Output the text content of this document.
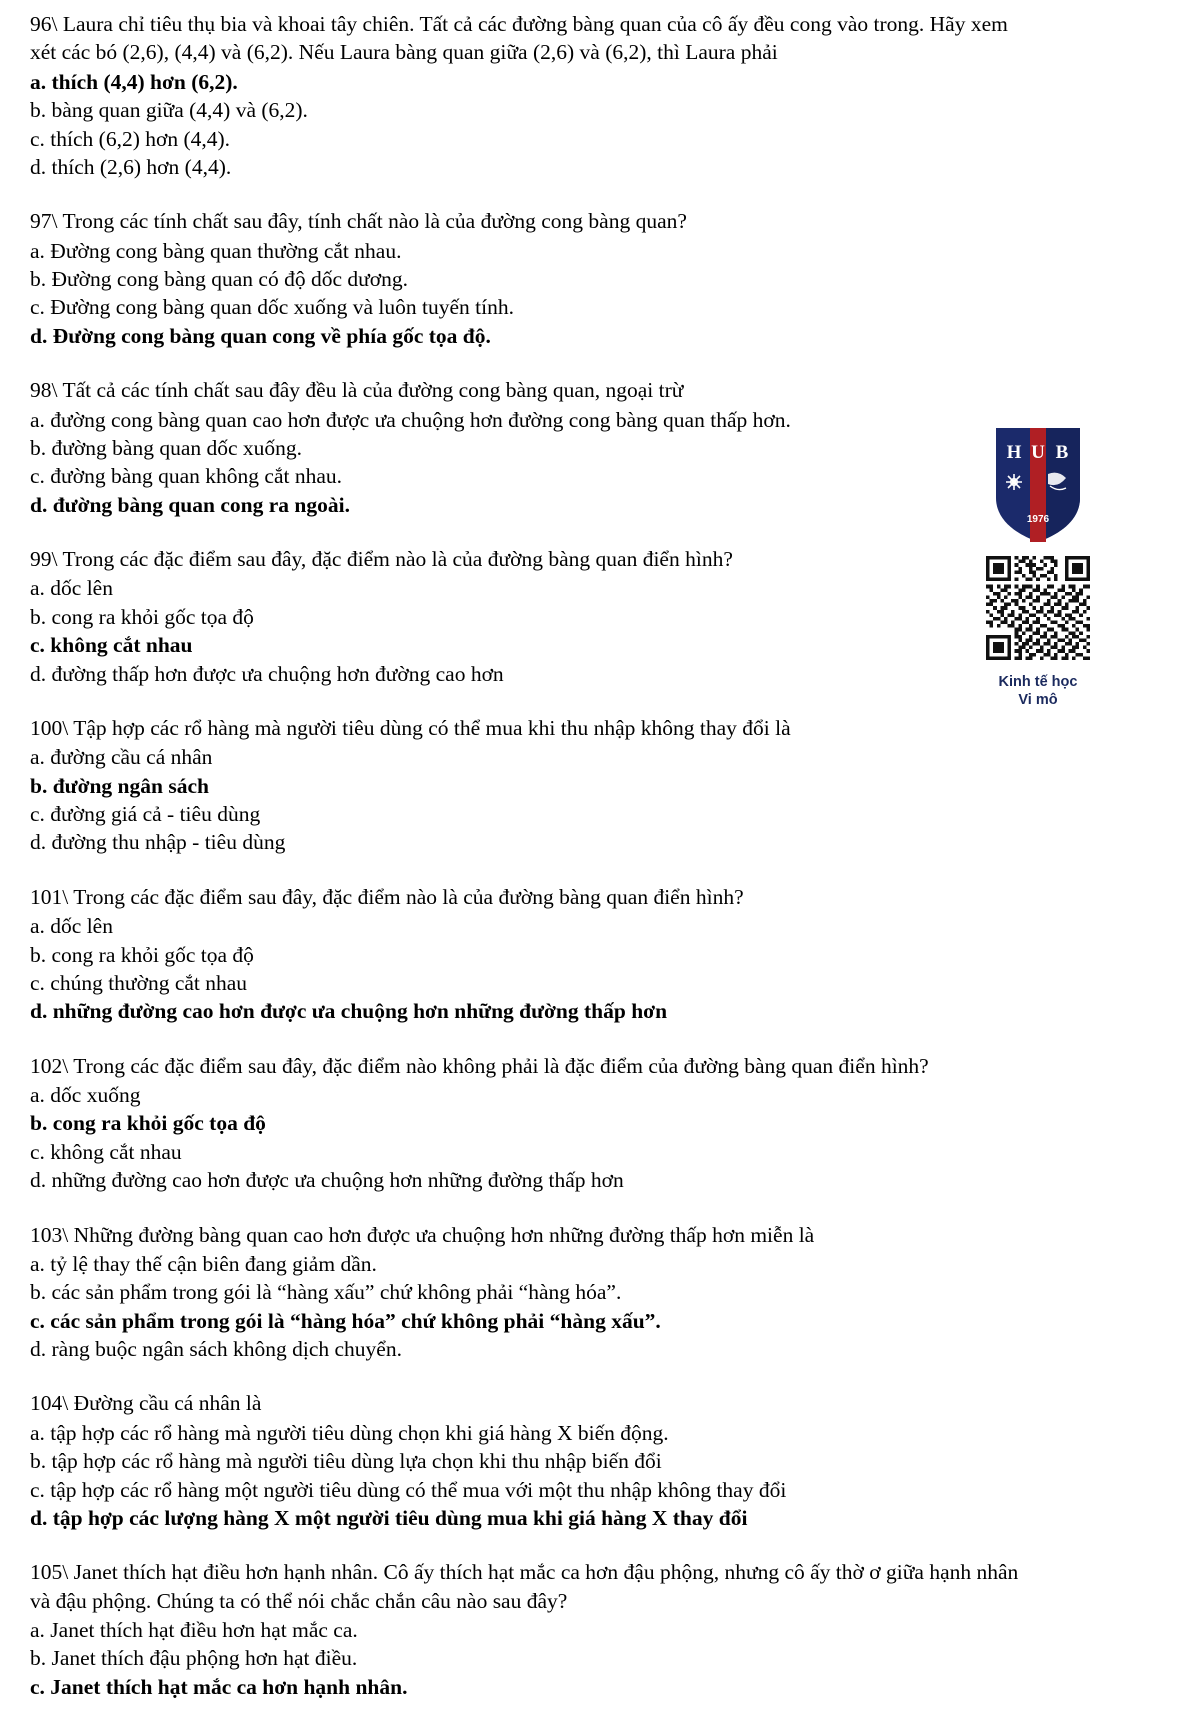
H B
U
1976
Kinh tế học
Vi mô

96\ Laura chỉ tiêu thụ bia và khoai tây chiên. Tất cả các đường bàng quan của cô ấy đều cong vào trong. Hãy xem xét các bó (2,6), (4,4) và (6,2). Nếu Laura bàng quan giữa (2,6) và (6,2), thì Laura phải

a. thích (4,4) hơn (6,2).

b. bàng quan giữa (4,4) và (6,2).

c. thích (6,2) hơn (4,4).

d. thích (2,6) hơn (4,4).

97\ Trong các tính chất sau đây, tính chất nào là của đường cong bàng quan?

a. Đường cong bàng quan thường cắt nhau.

b. Đường cong bàng quan có độ dốc dương.

c. Đường cong bàng quan dốc xuống và luôn tuyến tính.

d. Đường cong bàng quan cong về phía gốc tọa độ.

98\ Tất cả các tính chất sau đây đều là của đường cong bàng quan, ngoại trừ

a. đường cong bàng quan cao hơn được ưa chuộng hơn đường cong bàng quan thấp hơn.

b. đường bàng quan dốc xuống.

c. đường bàng quan không cắt nhau.

d. đường bàng quan cong ra ngoài.

99\ Trong các đặc điểm sau đây, đặc điểm nào là của đường bàng quan điển hình?

a. dốc lên

b. cong ra khỏi gốc tọa độ

c. không cắt nhau

d. đường thấp hơn được ưa chuộng hơn đường cao hơn

100\ Tập hợp các rổ hàng mà người tiêu dùng có thể mua khi thu nhập không thay đổi là

a. đường cầu cá nhân

b. đường ngân sách

c. đường giá cả - tiêu dùng

d. đường thu nhập - tiêu dùng

101\ Trong các đặc điểm sau đây, đặc điểm nào là của đường bàng quan điển hình?

a. dốc lên

b. cong ra khỏi gốc tọa độ

c. chúng thường cắt nhau

d. những đường cao hơn được ưa chuộng hơn những đường thấp hơn

102\ Trong các đặc điểm sau đây, đặc điểm nào không phải là đặc điểm của đường bàng quan điển hình?

a. dốc xuống

b. cong ra khỏi gốc tọa độ

c. không cắt nhau

d. những đường cao hơn được ưa chuộng hơn những đường thấp hơn

103\ Những đường bàng quan cao hơn được ưa chuộng hơn những đường thấp hơn miễn là

a. tỷ lệ thay thế cận biên đang giảm dần.

b. các sản phẩm trong gói là “hàng xấu” chứ không phải “hàng hóa”.

c. các sản phẩm trong gói là “hàng hóa” chứ không phải “hàng xấu”.

d. ràng buộc ngân sách không dịch chuyển.

104\ Đường cầu cá nhân là

a. tập hợp các rổ hàng mà người tiêu dùng chọn khi giá hàng X biến động.

b. tập hợp các rổ hàng mà người tiêu dùng lựa chọn khi thu nhập biến đổi

c. tập hợp các rổ hàng một người tiêu dùng có thể mua với một thu nhập không thay đổi

d. tập hợp các lượng hàng X một người tiêu dùng mua khi giá hàng X thay đổi

105\ Janet thích hạt điều hơn hạnh nhân. Cô ấy thích hạt mắc ca hơn đậu phộng, nhưng cô ấy thờ ơ giữa hạnh nhân và đậu phộng. Chúng ta có thể nói chắc chắn câu nào sau đây?

a. Janet thích hạt điều hơn hạt mắc ca.

b. Janet thích đậu phộng hơn hạt điều.

c. Janet thích hạt mắc ca hơn hạnh nhân.
